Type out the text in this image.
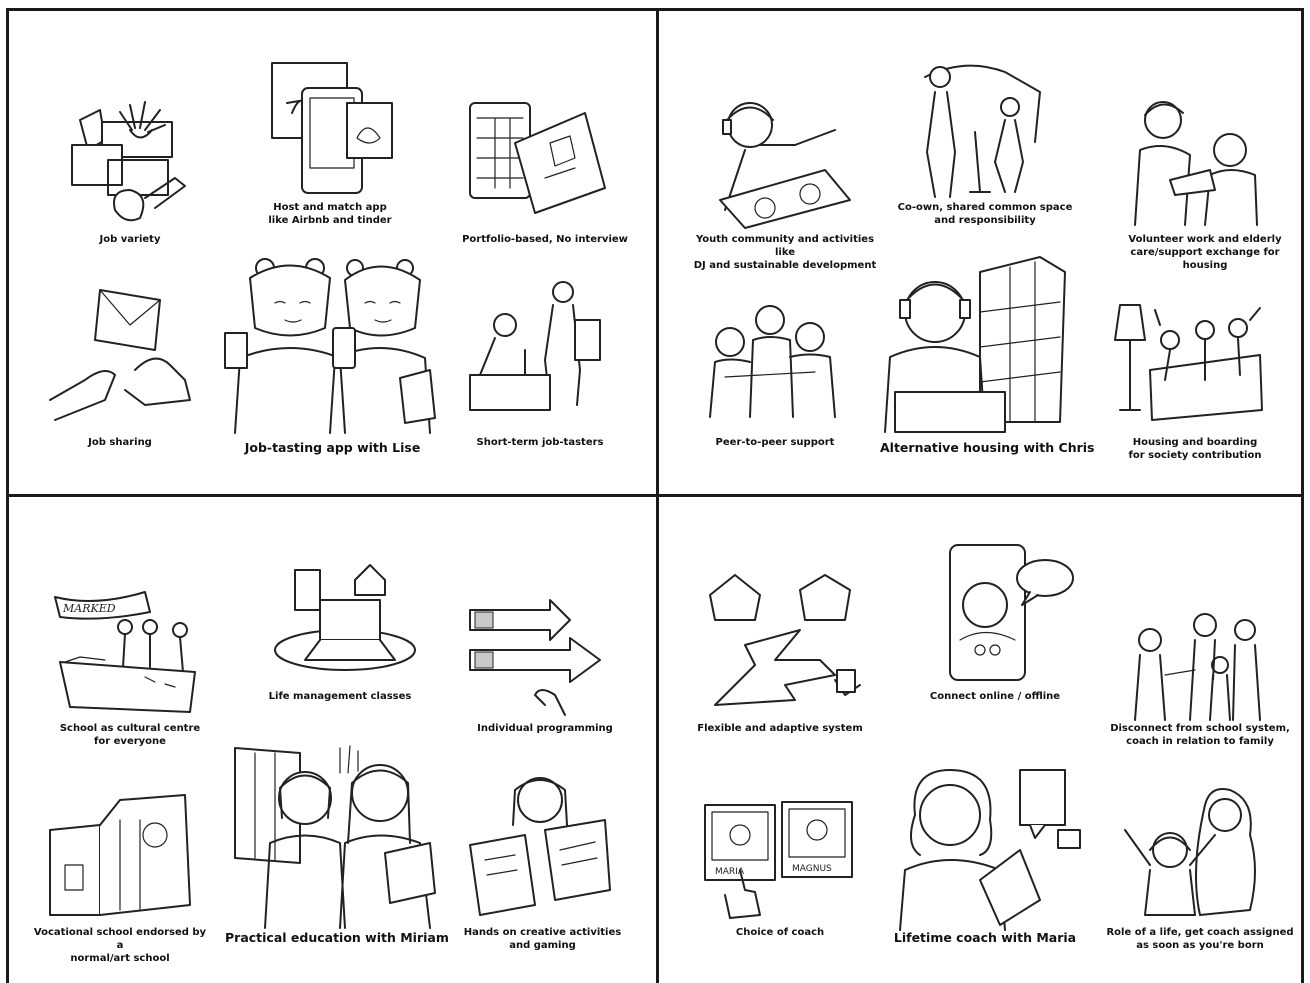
Job variety
Host and match app
like Airbnb and tinder
Portfolio-based, No interview
Job sharing	Job-tasting app with Lise	Short-term job-tasters
Youth community and activities like
DJ and sustainable development
Co-own, shared common space
and responsibility
Volunteer work and elderly
care/support exchange for housing
Peer-to-peer support	Alternative housing with Chris	Housing and boarding
for society contribution
MARKED
School as cultural centre
for everyone
Life management classes
Individual programming
Vocational school endorsed by a
normal/art school
Practical education with Miriam	Hands on creative activities
and gaming
Flexible and adaptive system
Connect online / offline
Disconnect from school system,
coach in relation to family
MARIA	MAGNUS
Choice of coach	Lifetime coach with Maria	Role of a life, get coach assigned
as soon as you're born
